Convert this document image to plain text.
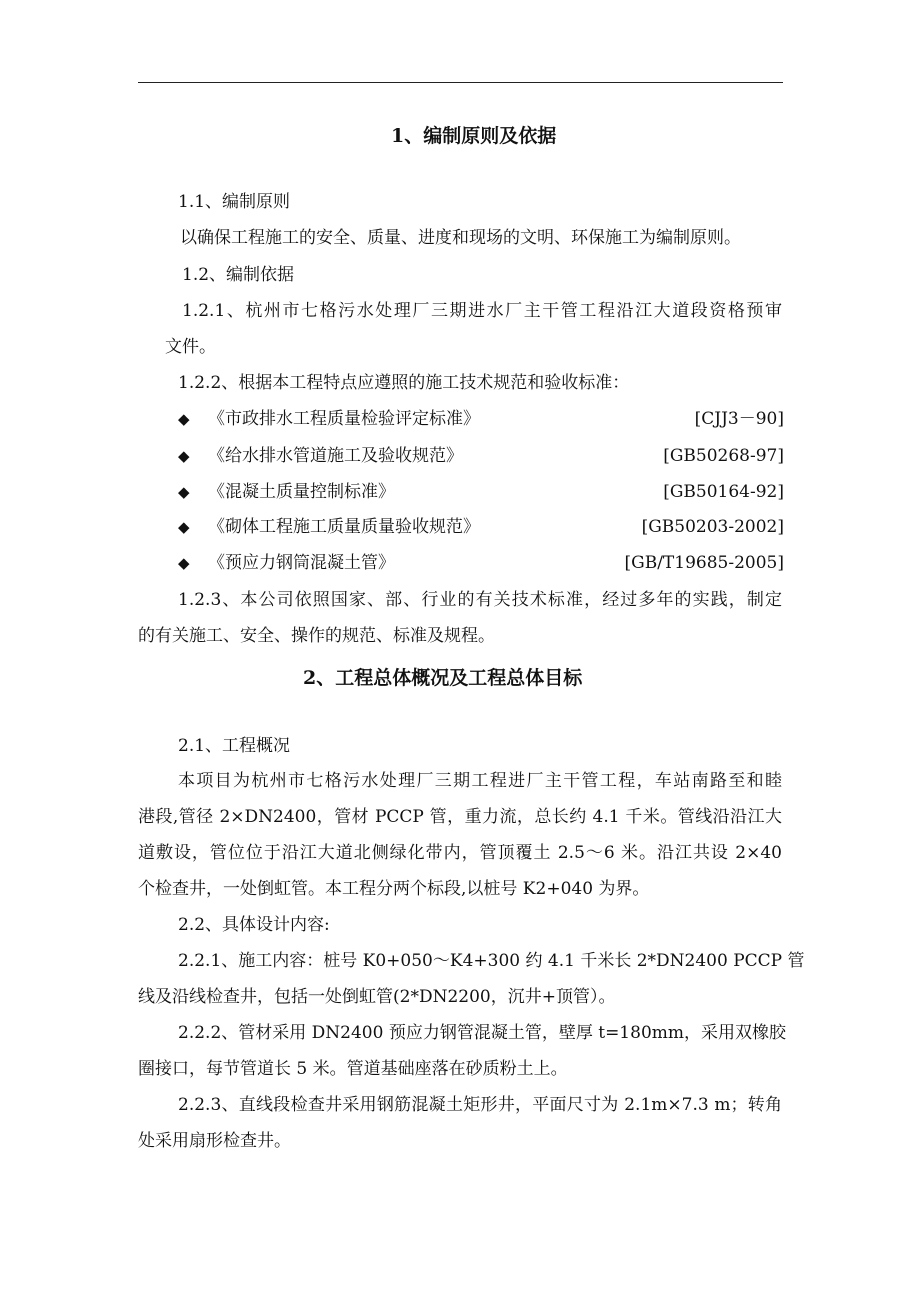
1、编制原则及依据
1.1、编制原则
以确保工程施工的安全、质量、进度和现场的文明、环保施工为编制原则。
1.2、编制依据
1.2.1、杭州市七格污水处理厂三期进水厂主干管工程沿江大道段资格预审
文件。
1.2.2、根据本工程特点应遵照的施工技术规范和验收标准：
◆ 《市政排水工程质量检验评定标准》	[CJJ3－90]
◆ 《给水排水管道施工及验收规范》	[GB50268-97]
◆ 《混凝土质量控制标准》	[GB50164-92]
◆ 《砌体工程施工质量质量验收规范》	[GB50203-2002]
◆ 《预应力钢筒混凝土管》	[GB/T19685-2005]
1.2.3、本公司依照国家、部、行业的有关技术标准，经过多年的实践，制定
的有关施工、安全、操作的规范、标准及规程。
2、工程总体概况及工程总体目标
2.1、工程概况
本项目为杭州市七格污水处理厂三期工程进厂主干管工程，车站南路至和睦
港段,管径 2×DN2400，管材 PCCP 管，重力流，总长约 4.1 千米。管线沿沿江大
道敷设，管位位于沿江大道北侧绿化带内，管顶覆土 2.5～6 米。沿江共设 2×40
个检查井，一处倒虹管。本工程分两个标段,以桩号 K2+040 为界。
2.2、具体设计内容:
2.2.1、施工内容：桩号 K0+050～K4+300 约 4.1 千米长 2*DN2400 PCCP 管
线及沿线检查井，包括一处倒虹管(2*DN2200，沉井+顶管）。
2.2.2、管材采用 DN2400 预应力钢管混凝土管，壁厚 t=180mm，采用双橡胶
圈接口，每节管道长 5 米。管道基础座落在砂质粉土上。
2.2.3、直线段检查井采用钢筋混凝土矩形井，平面尺寸为 2.1m×7.3 m；转角
处采用扇形检查井。
